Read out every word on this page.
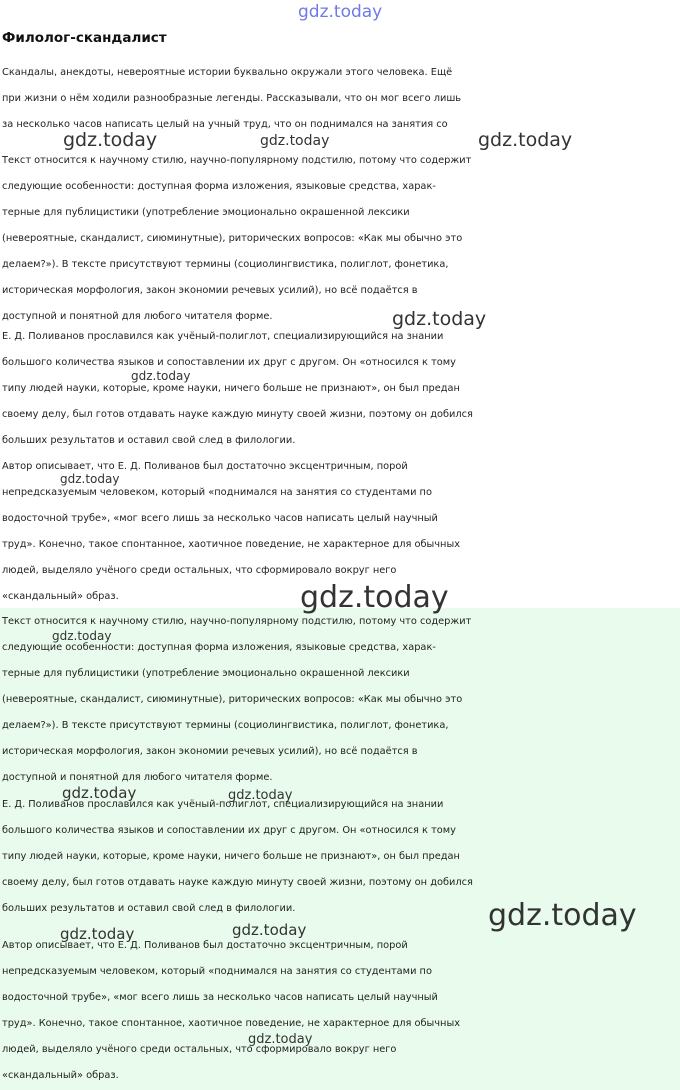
Филолог-скандалист
Скандалы, анекдоты, невероятные истории буквально окружали этого человека. Ещё
при жизни о нём ходили разнообразные легенды. Рассказывали, что он мог всего лишь
за несколько часов написать целый на учный труд, что он поднимался на занятия со
Текст относится к научному стилю, научно-популярному подстилю, потому что содержит
следующие особенности: доступная форма изложения, языковые средства, харак-
терные для публицистики (употребление эмоционально окрашенной лексики
(невероятные, скандалист, сиюминутные), риторических вопросов: «Как мы обычно это
делаем?»). В тексте присутствуют термины (социолингвистика, полиглот, фонетика,
историческая морфология, закон экономии речевых усилий), но всё подаётся в
доступной и понятной для любого читателя форме.
Е. Д. Поливанов прославился как учёный-полиглот, специализирующийся на знании
большого количества языков и сопоставлении их друг с другом. Он «относился к тому
типу людей науки, которые, кроме науки, ничего больше не признают», он был предан
своему делу, был готов отдавать науке каждую минуту своей жизни, поэтому он добился
больших результатов и оставил свой след в филологии.
Автор описывает, что Е. Д. Поливанов был достаточно эксцентричным, порой
непредсказуемым человеком, который «поднимался на занятия со студентами по
водосточной трубе», «мог всего лишь за несколько часов написать целый научный
труд». Конечно, такое спонтанное, хаотичное поведение, не характерное для обычных
людей, выделяло учёного среди остальных, что сформировало вокруг него
«скандальный» образ.
Текст относится к научному стилю, научно-популярному подстилю, потому что содержит
следующие особенности: доступная форма изложения, языковые средства, харак-
терные для публицистики (употребление эмоционально окрашенной лексики
(невероятные, скандалист, сиюминутные), риторических вопросов: «Как мы обычно это
делаем?»). В тексте присутствуют термины (социолингвистика, полиглот, фонетика,
историческая морфология, закон экономии речевых усилий), но всё подаётся в
доступной и понятной для любого читателя форме.
Е. Д. Поливанов прославился как учёный-полиглот, специализирующийся на знании
большого количества языков и сопоставлении их друг с другом. Он «относился к тому
типу людей науки, которые, кроме науки, ничего больше не признают», он был предан
своему делу, был готов отдавать науке каждую минуту своей жизни, поэтому он добился
больших результатов и оставил свой след в филологии.
Автор описывает, что Е. Д. Поливанов был достаточно эксцентричным, порой
непредсказуемым человеком, который «поднимался на занятия со студентами по
водосточной трубе», «мог всего лишь за несколько часов написать целый научный
труд». Конечно, такое спонтанное, хаотичное поведение, не характерное для обычных
людей, выделяло учёного среди остальных, что сформировало вокруг него
«скандальный» образ.
gdz.today
gdz.today	gdz.today	gdz.today
gdz.today
gdz.today
gdz.today
gdz.today
gdz.today
gdz.today	gdz.today
gdz.today
gdz.today	gdz.today
gdz.today
